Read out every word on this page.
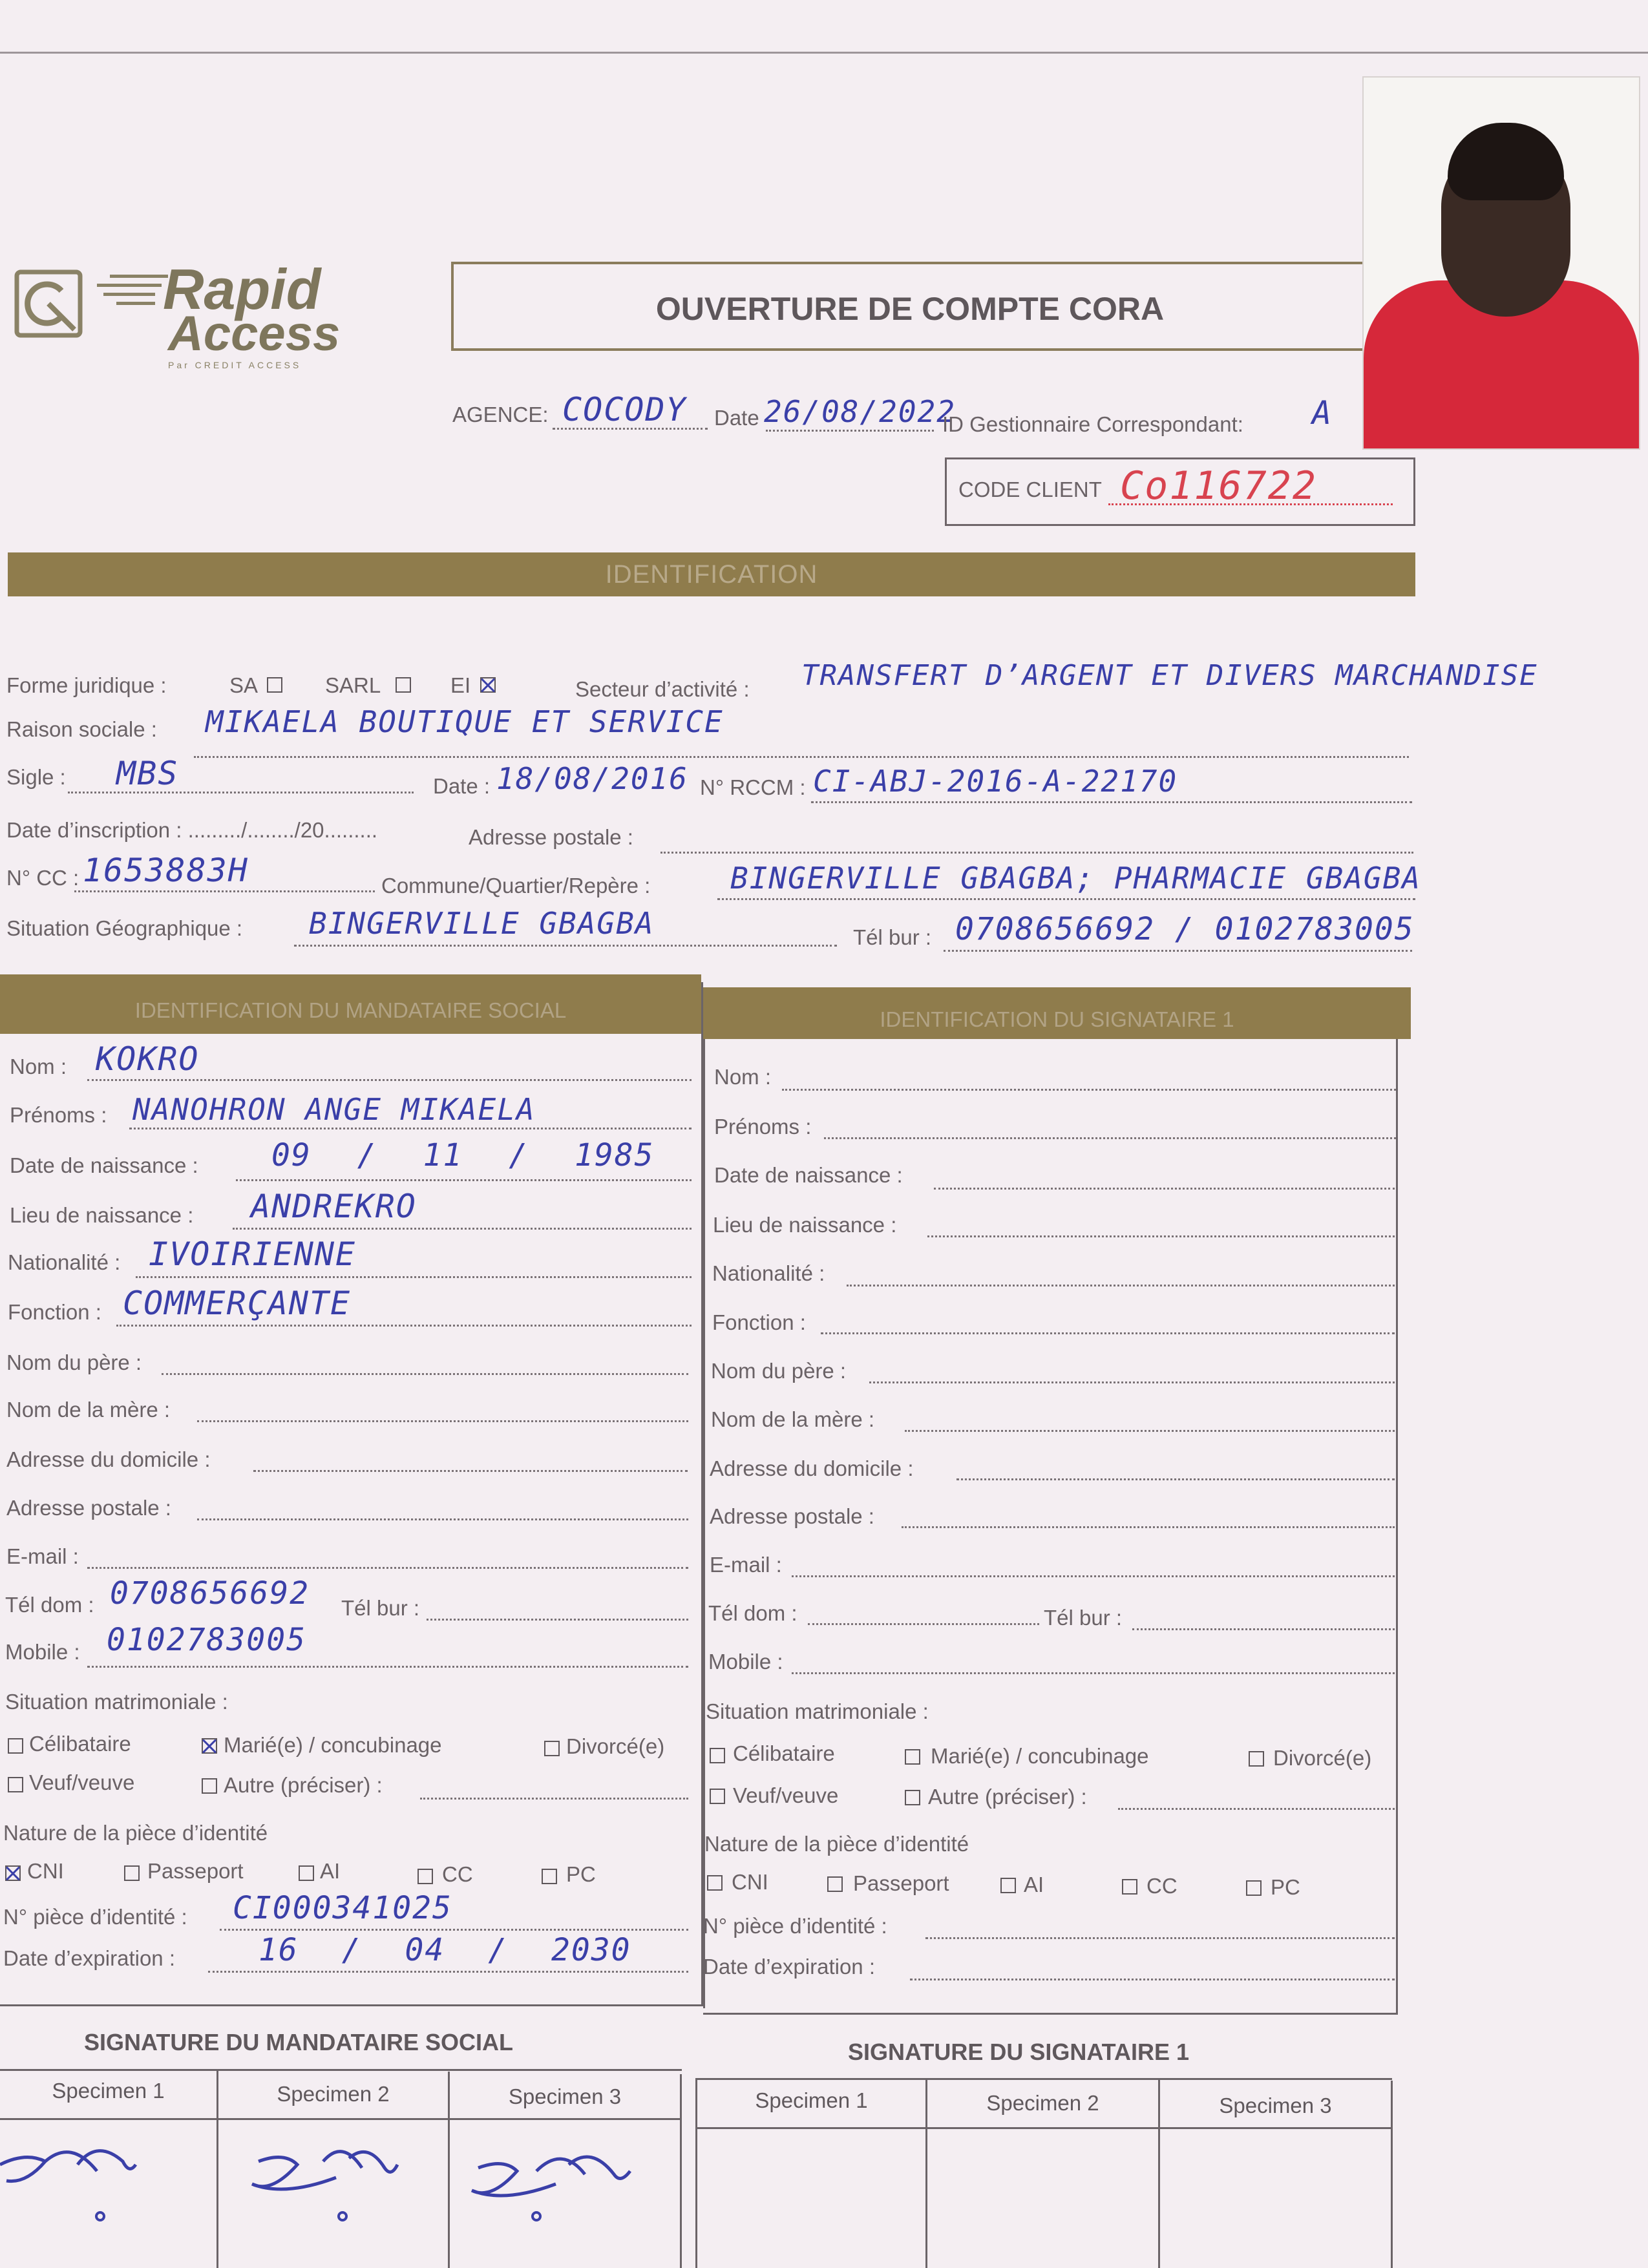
Rapid
Access
Par CREDIT ACCESS
OUVERTURE DE COMPTE CORA
AGENCE: COCODY Date 26/08/2022
ID Gestionnaire Correspondant: A
CODE CLIENT Co116722
IDENTIFICATION
Forme juridique :	SA	SARL	EI	Secteur d’activité : TRANSFERT D’ARGENT ET DIVERS MARCHANDISE
Raison sociale : MIKAELA BOUTIQUE ET SERVICE
Sigle : MBS	Date : 18/08/2016 N° RCCM : CI-ABJ-2016-A-22170
Date d’inscription : ........./......../20.........	Adresse postale :
N° CC : 1653883H	Commune/Quartier/Repère :	BINGERVILLE GBAGBA; PHARMACIE GBAGBA
Situation Géographique : BINGERVILLE GBAGBA	Tél bur : 0708656692 / 0102783005
IDENTIFICATION DU MANDATAIRE SOCIAL	IDENTIFICATION DU SIGNATAIRE 1
Nom : KOKRO
Prénoms : NANOHRON ANGE MIKAELA
Date de naissance : 09 / 11 / 1985
Lieu de naissance : ANDREKRO
Nationalité : IVOIRIENNE
Fonction : COMMERÇANTE
Nom du père :
Nom de la mère :
Adresse du domicile :
Adresse postale :
E-mail :
Tél dom : 0708656692 Tél bur :
Mobile : 0102783005
Situation matrimoniale :
Célibataire	Marié(e) / concubinage	Divorcé(e)
Veuf/veuve	Autre (préciser) :
Nature de la pièce d’identité
CNI	Passeport	AI	CC	PC
N° pièce d’identité : CI000341025
Date d’expiration :	16 / 04 / 2030
Nom :
Prénoms :
Date de naissance :
Lieu de naissance :
Nationalité :
Fonction :
Nom du père :
Nom de la mère :
Adresse du domicile :
Adresse postale :
E-mail :
Tél dom :	Tél bur :
Mobile :
Situation matrimoniale :
Célibataire	Marié(e) / concubinage	Divorcé(e)
Veuf/veuve	Autre (préciser) :
Nature de la pièce d’identité
CNI	Passeport	AI	CC	PC
N° pièce d’identité :
Date d’expiration :
SIGNATURE DU MANDATAIRE SOCIAL	SIGNATURE DU SIGNATAIRE 1
Specimen 1	Specimen 2	Specimen 3	Specimen 1	Specimen 2	Specimen 3
